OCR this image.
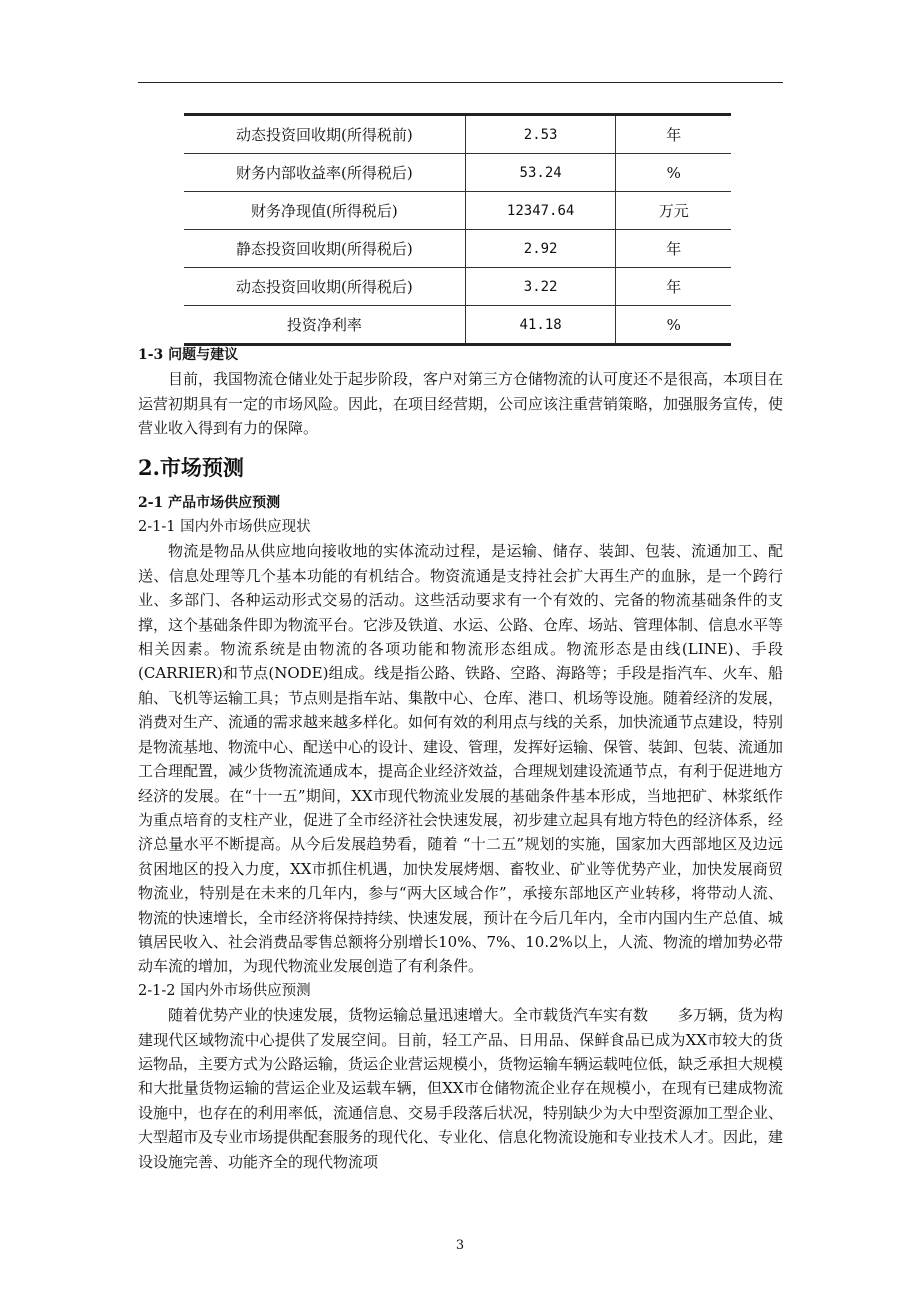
动态投资回收期(所得税前)	2.53	年
财务内部收益率(所得税后)	53.24	%
财务净现值(所得税后)	12347.64	万元
静态投资回收期(所得税后)	2.92	年
动态投资回收期(所得税后)	3.22	年
投资净利率	41.18	%

1-3 问题与建议

目前，我国物流仓储业处于起步阶段，客户对第三方仓储物流的认可度还不是很高，本项目在运营初期具有一定的市场风险。因此，在项目经营期，公司应该注重营销策略，加强服务宣传，使营业收入得到有力的保障。

2.市场预测

2-1 产品市场供应预测

2-1-1 国内外市场供应现状

物流是物品从供应地向接收地的实体流动过程，是运输、储存、装卸、包装、流通加工、配送、信息处理等几个基本功能的有机结合。物资流通是支持社会扩大再生产的血脉，是一个跨行业、多部门、各种运动形式交易的活动。这些活动要求有一个有效的、完备的物流基础条件的支撑，这个基础条件即为物流平台。它涉及铁道、水运、公路、仓库、场站、管理体制、信息水平等相关因素。物流系统是由物流的各项功能和物流形态组成。物流形态是由线(LINE)、手段(CARRIER)和节点(NODE)组成。线是指公路、铁路、空路、海路等；手段是指汽车、火车、船舶、飞机等运输工具；节点则是指车站、集散中心、仓库、港口、机场等设施。随着经济的发展，消费对生产、流通的需求越来越多样化。如何有效的利用点与线的关系，加快流通节点建设，特别是物流基地、物流中心、配送中心的设计、建设、管理，发挥好运输、保管、装卸、包装、流通加工合理配置，减少货物流流通成本，提高企业经济效益，合理规划建设流通节点，有利于促进地方经济的发展。在“十一五”期间，XX市现代物流业发展的基础条件基本形成，当地把矿、林浆纸作为重点培育的支柱产业，促进了全市经济社会快速发展，初步建立起具有地方特色的经济体系，经济总量水平不断提高。从今后发展趋势看，随着 “十二五”规划的实施，国家加大西部地区及边远贫困地区的投入力度，XX市抓住机遇，加快发展烤烟、畜牧业、矿业等优势产业，加快发展商贸物流业，特别是在未来的几年内，参与“两大区域合作”，承接东部地区产业转移，将带动人流、物流的快速增长，全市经济将保持持续、快速发展，预计在今后几年内，全市内国内生产总值、城镇居民收入、社会消费品零售总额将分别增长10%、7%、10.2%以上，人流、物流的增加势必带动车流的增加，为现代物流业发展创造了有利条件。

2-1-2 国内外市场供应预测

随着优势产业的快速发展，货物运输总量迅速增大。全市载货汽车实有数　　多万辆，货为构建现代区域物流中心提供了发展空间。目前，轻工产品、日用品、保鲜食品已成为XX市较大的货运物品，主要方式为公路运输，货运企业营运规模小，货物运输车辆运载吨位低，缺乏承担大规模和大批量货物运输的营运企业及运载车辆，但XX市仓储物流企业存在规模小，在现有已建成物流设施中，也存在的利用率低，流通信息、交易手段落后状况，特别缺少为大中型资源加工型企业、大型超市及专业市场提供配套服务的现代化、专业化、信息化物流设施和专业技术人才。因此，建设设施完善、功能齐全的现代物流项

3
